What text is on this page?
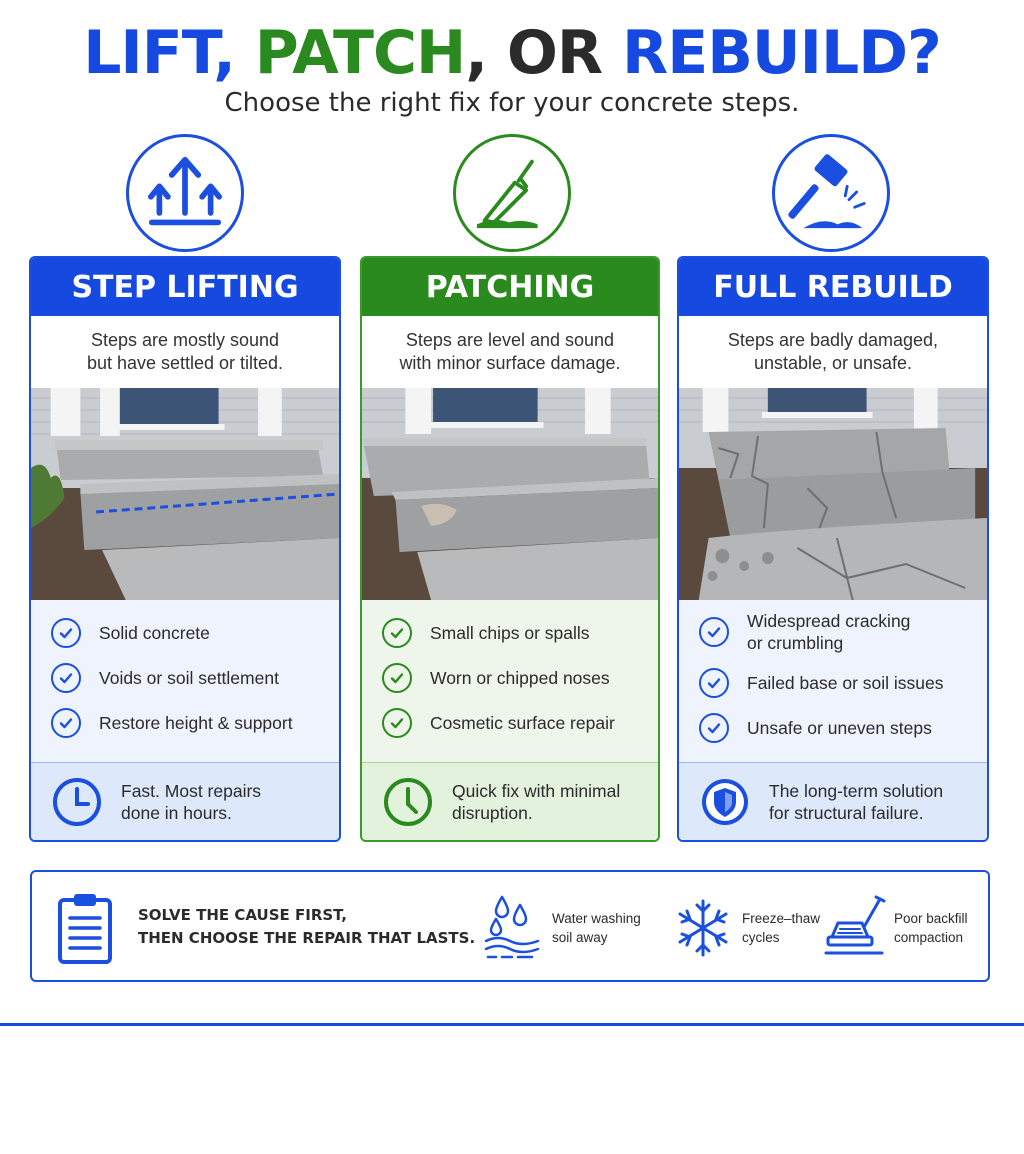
LIFT, PATCH, OR REBUILD?
Choose the right fix for your concrete steps.
STEP LIFTING
Steps are mostly sound
but have settled or tilted.
Solid concrete
Voids or soil settlement
Restore height & support
Fast. Most repairs
done in hours.
PATCHING
Steps are level and sound
with minor surface damage.
Small chips or spalls
Worn or chipped noses
Cosmetic surface repair
Quick fix with minimal
disruption.
FULL REBUILD
Steps are badly damaged,
unstable, or unsafe.
Widespread cracking
or crumbling
Failed base or soil issues
Unsafe or uneven steps
The long-term solution
for structural failure.
SOLVE THE CAUSE FIRST,
THEN CHOOSE THE REPAIR THAT LASTS.
Water washing
soil away
Freeze–thaw
cycles
Poor backfill
compaction
